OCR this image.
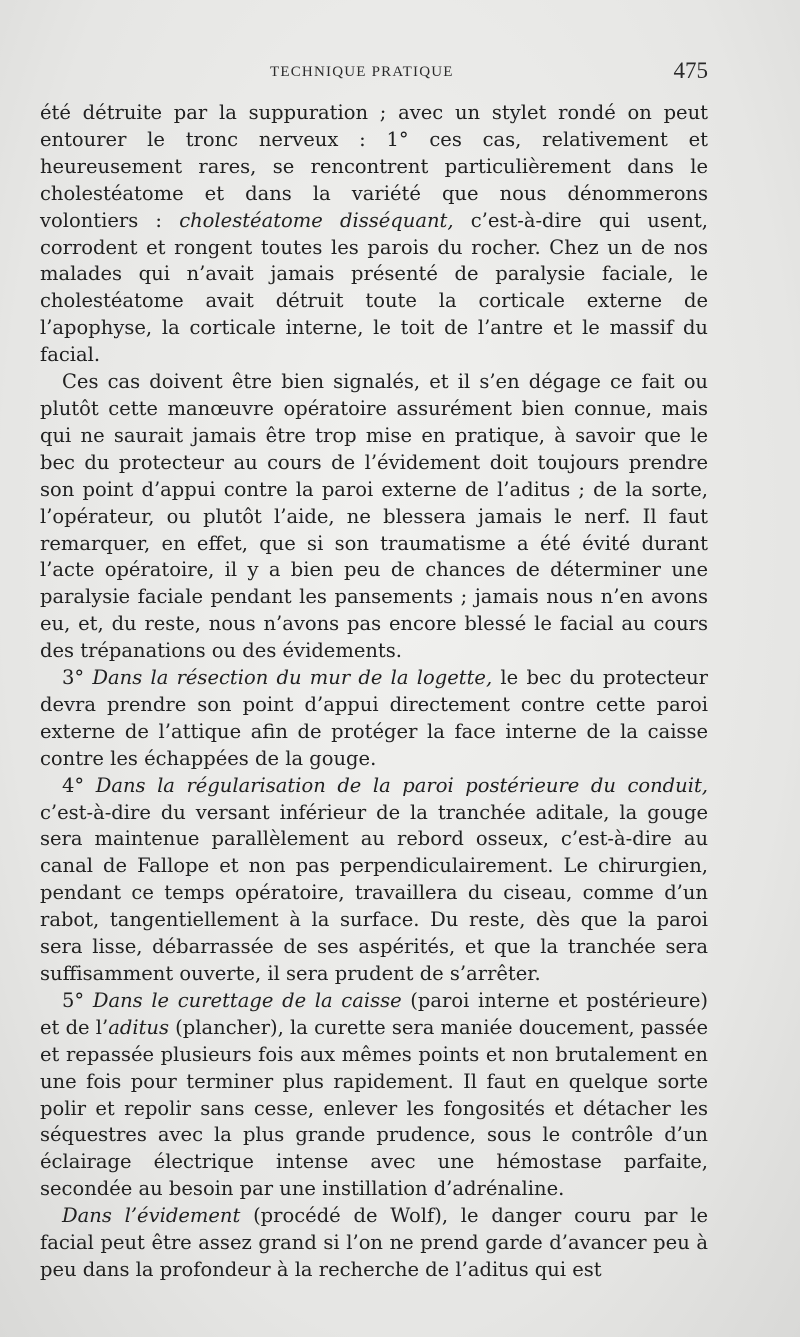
TECHNIQUE PRATIQUE	475

été détruite par la suppuration ; avec un stylet rondé on peut entourer le tronc nerveux : 1° ces cas, relativement et heureusement rares, se rencontrent particulièrement dans le cholestéatome et dans la variété que nous dénommerons volontiers : cholestéatome disséquant, c’est-à-dire qui usent, corrodent et rongent toutes les parois du rocher. Chez un de nos malades qui n’avait jamais présenté de paralysie faciale, le cholestéatome avait détruit toute la corticale externe de l’apophyse, la corticale interne, le toit de l’antre et le massif du facial.

Ces cas doivent être bien signalés, et il s’en dégage ce fait ou plutôt cette manœuvre opératoire assurément bien connue, mais qui ne saurait jamais être trop mise en pratique, à savoir que le bec du protecteur au cours de l’évidement doit toujours prendre son point d’appui contre la paroi externe de l’aditus ; de la sorte, l’opérateur, ou plutôt l’aide, ne blessera jamais le nerf. Il faut remarquer, en effet, que si son traumatisme a été évité durant l’acte opératoire, il y a bien peu de chances de déterminer une paralysie faciale pendant les pansements ; jamais nous n’en avons eu, et, du reste, nous n’avons pas encore blessé le facial au cours des trépanations ou des évidements.

3° Dans la résection du mur de la logette, le bec du protecteur devra prendre son point d’appui directement contre cette paroi externe de l’attique afin de protéger la face interne de la caisse contre les échappées de la gouge.

4° Dans la régularisation de la paroi postérieure du conduit, c’est-à-dire du versant inférieur de la tranchée aditale, la gouge sera maintenue parallèlement au rebord osseux, c’est-à-dire au canal de Fallope et non pas perpendiculairement. Le chirurgien, pendant ce temps opératoire, travaillera du ciseau, comme d’un rabot, tangentiellement à la surface. Du reste, dès que la paroi sera lisse, débarrassée de ses aspérités, et que la tranchée sera suffisamment ouverte, il sera prudent de s’arrêter.

5° Dans le curettage de la caisse (paroi interne et postérieure) et de l’aditus (plancher), la curette sera maniée doucement, passée et repassée plusieurs fois aux mêmes points et non brutalement en une fois pour terminer plus rapidement. Il faut en quelque sorte polir et repolir sans cesse, enlever les fongosités et détacher les séquestres avec la plus grande prudence, sous le contrôle d’un éclairage électrique intense avec une hémostase parfaite, secondée au besoin par une instillation d’adrénaline.

Dans l’évidement (procédé de Wolf), le danger couru par le facial peut être assez grand si l’on ne prend garde d’avancer peu à peu dans la profondeur à la recherche de l’aditus qui est
